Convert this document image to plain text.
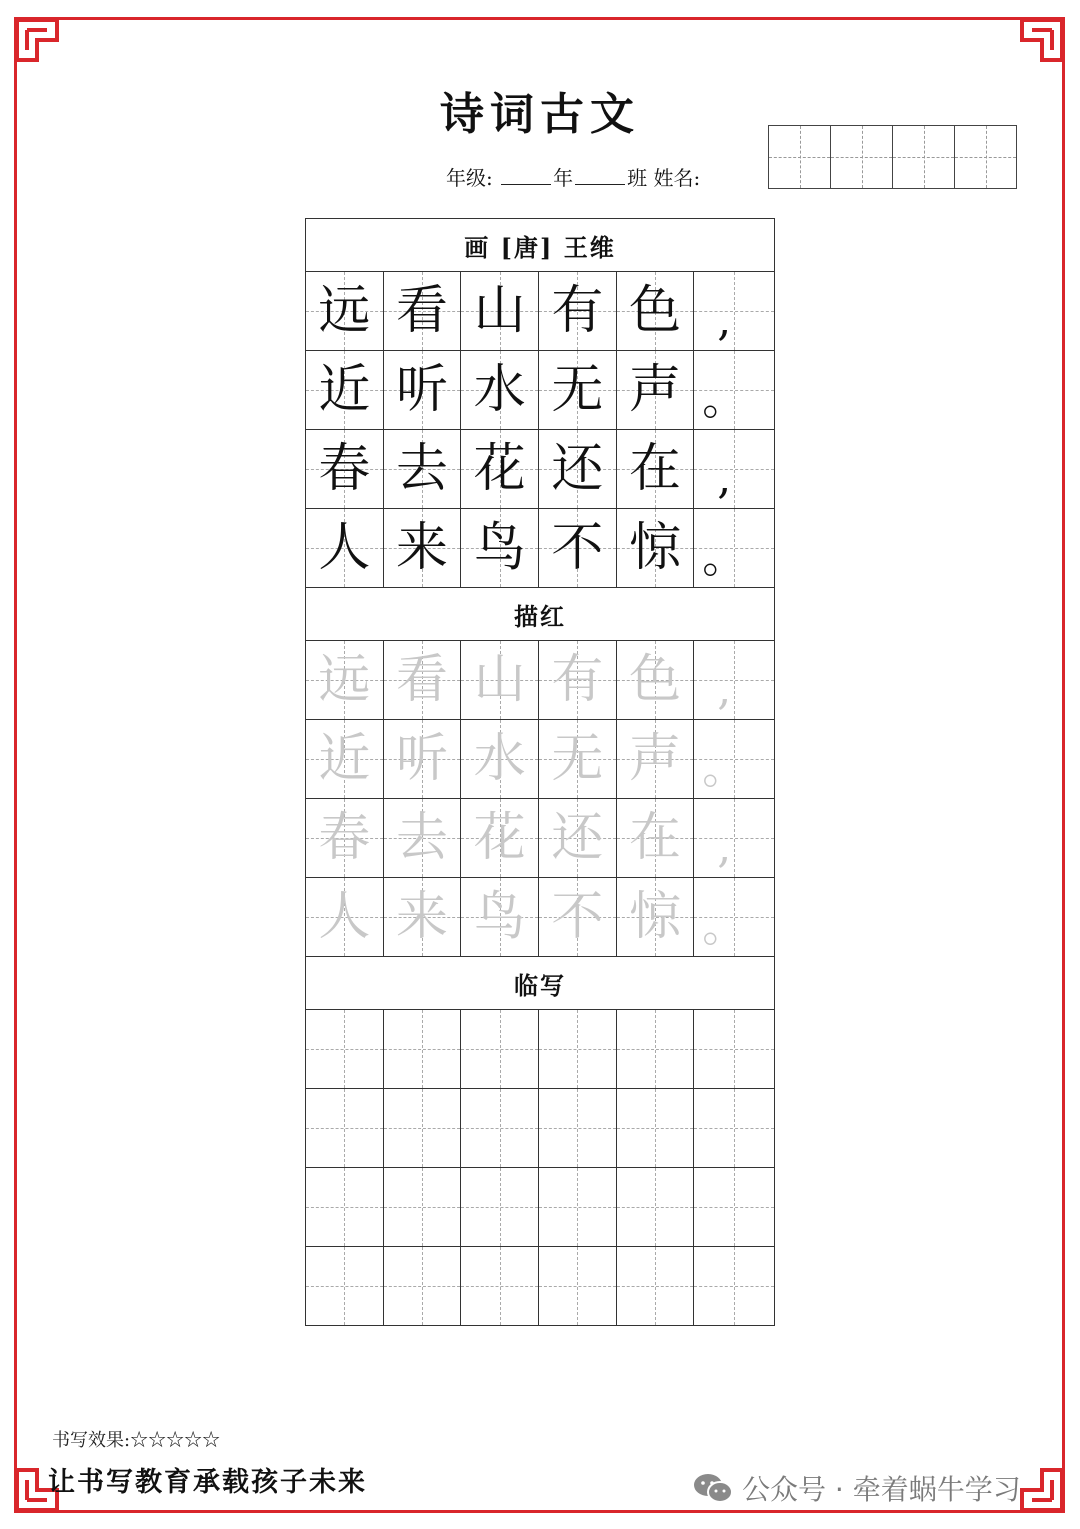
诗词古文
年级:	年	班 姓名:
画 [唐] 王维
远 看 山 有 色 ,
近 听 水 无 声 。
春 去 花 还 在 ,
人 来 鸟 不 惊 。
描红
远 看 山 有 色 ,
近 听 水 无 声 。
春 去 花 还 在 ,
人 来 鸟 不 惊 。
临写
书写效果:☆☆☆☆☆
让书写教育承载孩子未来	公众号 · 牵着蜗牛学习
